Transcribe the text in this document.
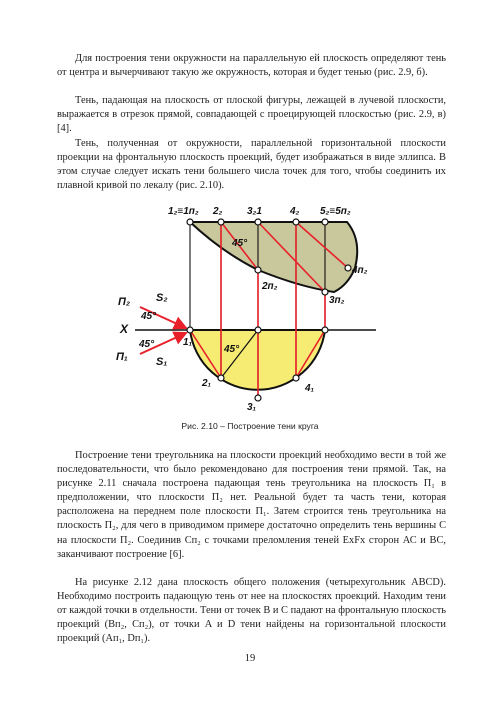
Для построения тени окружности на параллельную ей плоскость определяют тень от центра и вычерчивают такую же окружность, которая и будет тенью (рис. 2.9, б).

Тень, падающая на плоскость от плоской фигуры, лежащей в лучевой плоскости, выражается в отрезок прямой, совпадающей с проецирующей плоскостью (рис. 2.9, в) [4].

Тень, полученная от окружности, параллельной горизонтальной плоскости проекции на фронтальную плоскость проекций, будет изображаться в виде эллипса. В этом случае следует искать тени большего числа точек для того, чтобы соединить их плавной кривой по лекалу (рис. 2.10).

1₂≡1п₂ 2₂ 3₂1	4₂ 5₂≡5п₂
45°
2п₂
4п₂
3п₂
П₂ S₂
45°
X
45°
П₁	S₁
1₁
45°
2₁	4₁
3₁
Рис. 2.10 – Построение тени круга

Построение тени треугольника на плоскости проекций необходимо вести в той же последовательности, что было рекомендовано для построения тени прямой. Так, на рисунке 2.11 сначала построена падающая тень треугольника на плоскость П₁ в предположении, что плоскости П₂ нет. Реальной будет та часть тени, которая расположена на переднем поле плоскости П₁. Затем строится тень треугольника на плоскость П₂, для чего в приводимом примере достаточно определить тень вершины С на плоскости П₂. Соединив Сп₂ с точками преломления теней ЕхFх сторон АС и ВС, заканчивают построение [6].

На рисунке 2.12 дана плоскость общего положения (четырехугольник ABCD). Необходимо построить падающую тень от нее на плоскостях проекций. Находим тени от каждой точки в отдельности. Тени от точек B и C падают на фронтальную плоскость проекций (Вп₂, Сп₂), от точки A и D тени найдены на горизонтальной плоскости проекций (Ап₁, Dп₁).

19
